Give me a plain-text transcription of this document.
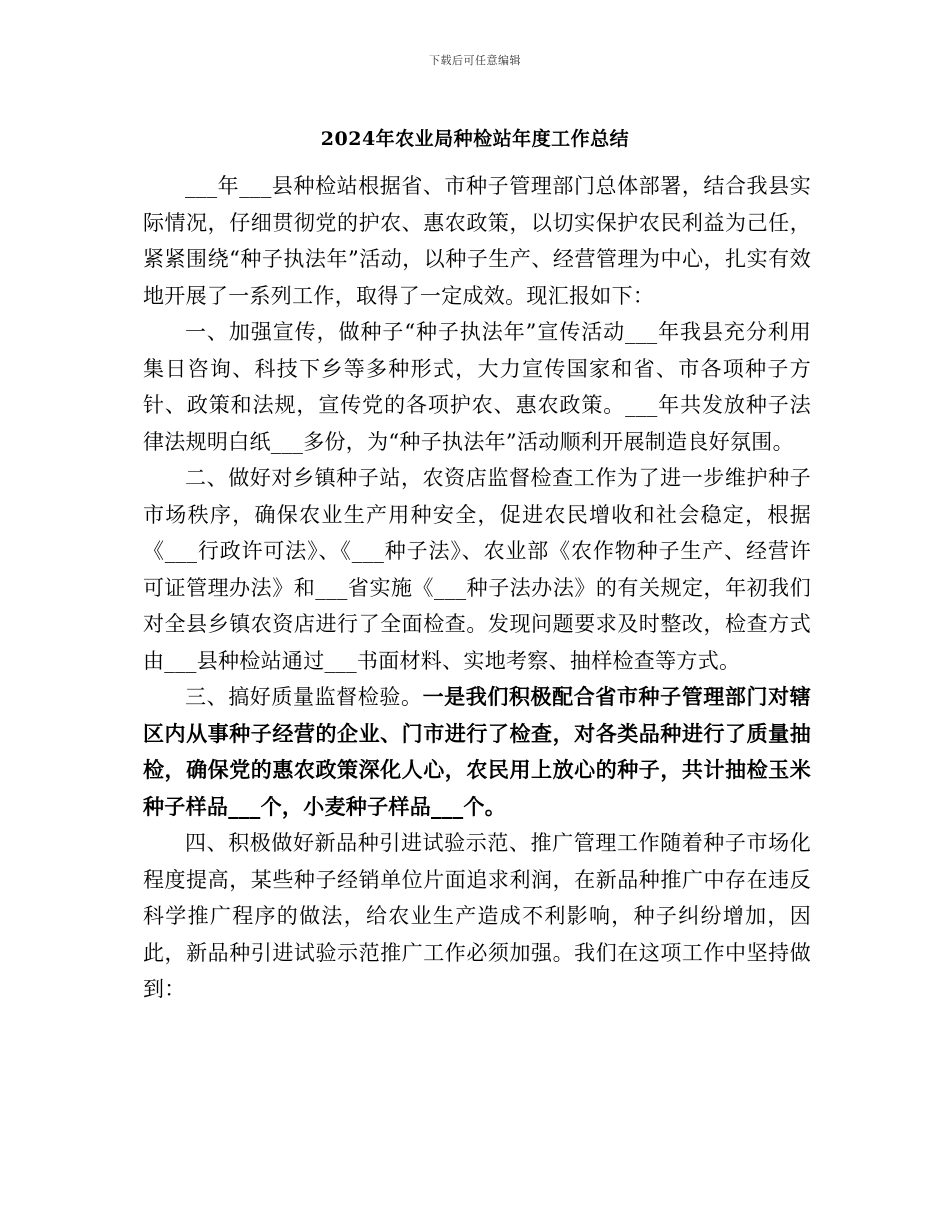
下载后可任意编辑
2024年农业局种检站年度工作总结

___年___县种检站根据省、市种子管理部门总体部署，结合我县实际情况，仔细贯彻党的护农、惠农政策，以切实保护农民利益为己任，紧紧围绕“种子执法年”活动，以种子生产、经营管理为中心，扎实有效地开展了一系列工作，取得了一定成效。现汇报如下：

一、加强宣传，做种子“种子执法年”宣传活动___年我县充分利用集日咨询、科技下乡等多种形式，大力宣传国家和省、市各项种子方针、政策和法规，宣传党的各项护农、惠农政策。___年共发放种子法律法规明白纸___多份，为“种子执法年”活动顺利开展制造良好氛围。

二、做好对乡镇种子站，农资店监督检查工作为了进一步维护种子市场秩序，确保农业生产用种安全，促进农民增收和社会稳定，根据《___行政许可法》、《___种子法》、农业部《农作物种子生产、经营许可证管理办法》和___省实施《___种子法办法》的有关规定，年初我们对全县乡镇农资店进行了全面检查。发现问题要求及时整改，检查方式由___县种检站通过___书面材料、实地考察、抽样检查等方式。

三、搞好质量监督检验。一是我们积极配合省市种子管理部门对辖区内从事种子经营的企业、门市进行了检查，对各类品种进行了质量抽检，确保党的惠农政策深化人心，农民用上放心的种子，共计抽检玉米种子样品___个，小麦种子样品___个。

四、积极做好新品种引进试验示范、推广管理工作随着种子市场化程度提高，某些种子经销单位片面追求利润，在新品种推广中存在违反科学推广程序的做法，给农业生产造成不利影响，种子纠纷增加，因此，新品种引进试验示范推广工作必须加强。我们在这项工作中坚持做到：
